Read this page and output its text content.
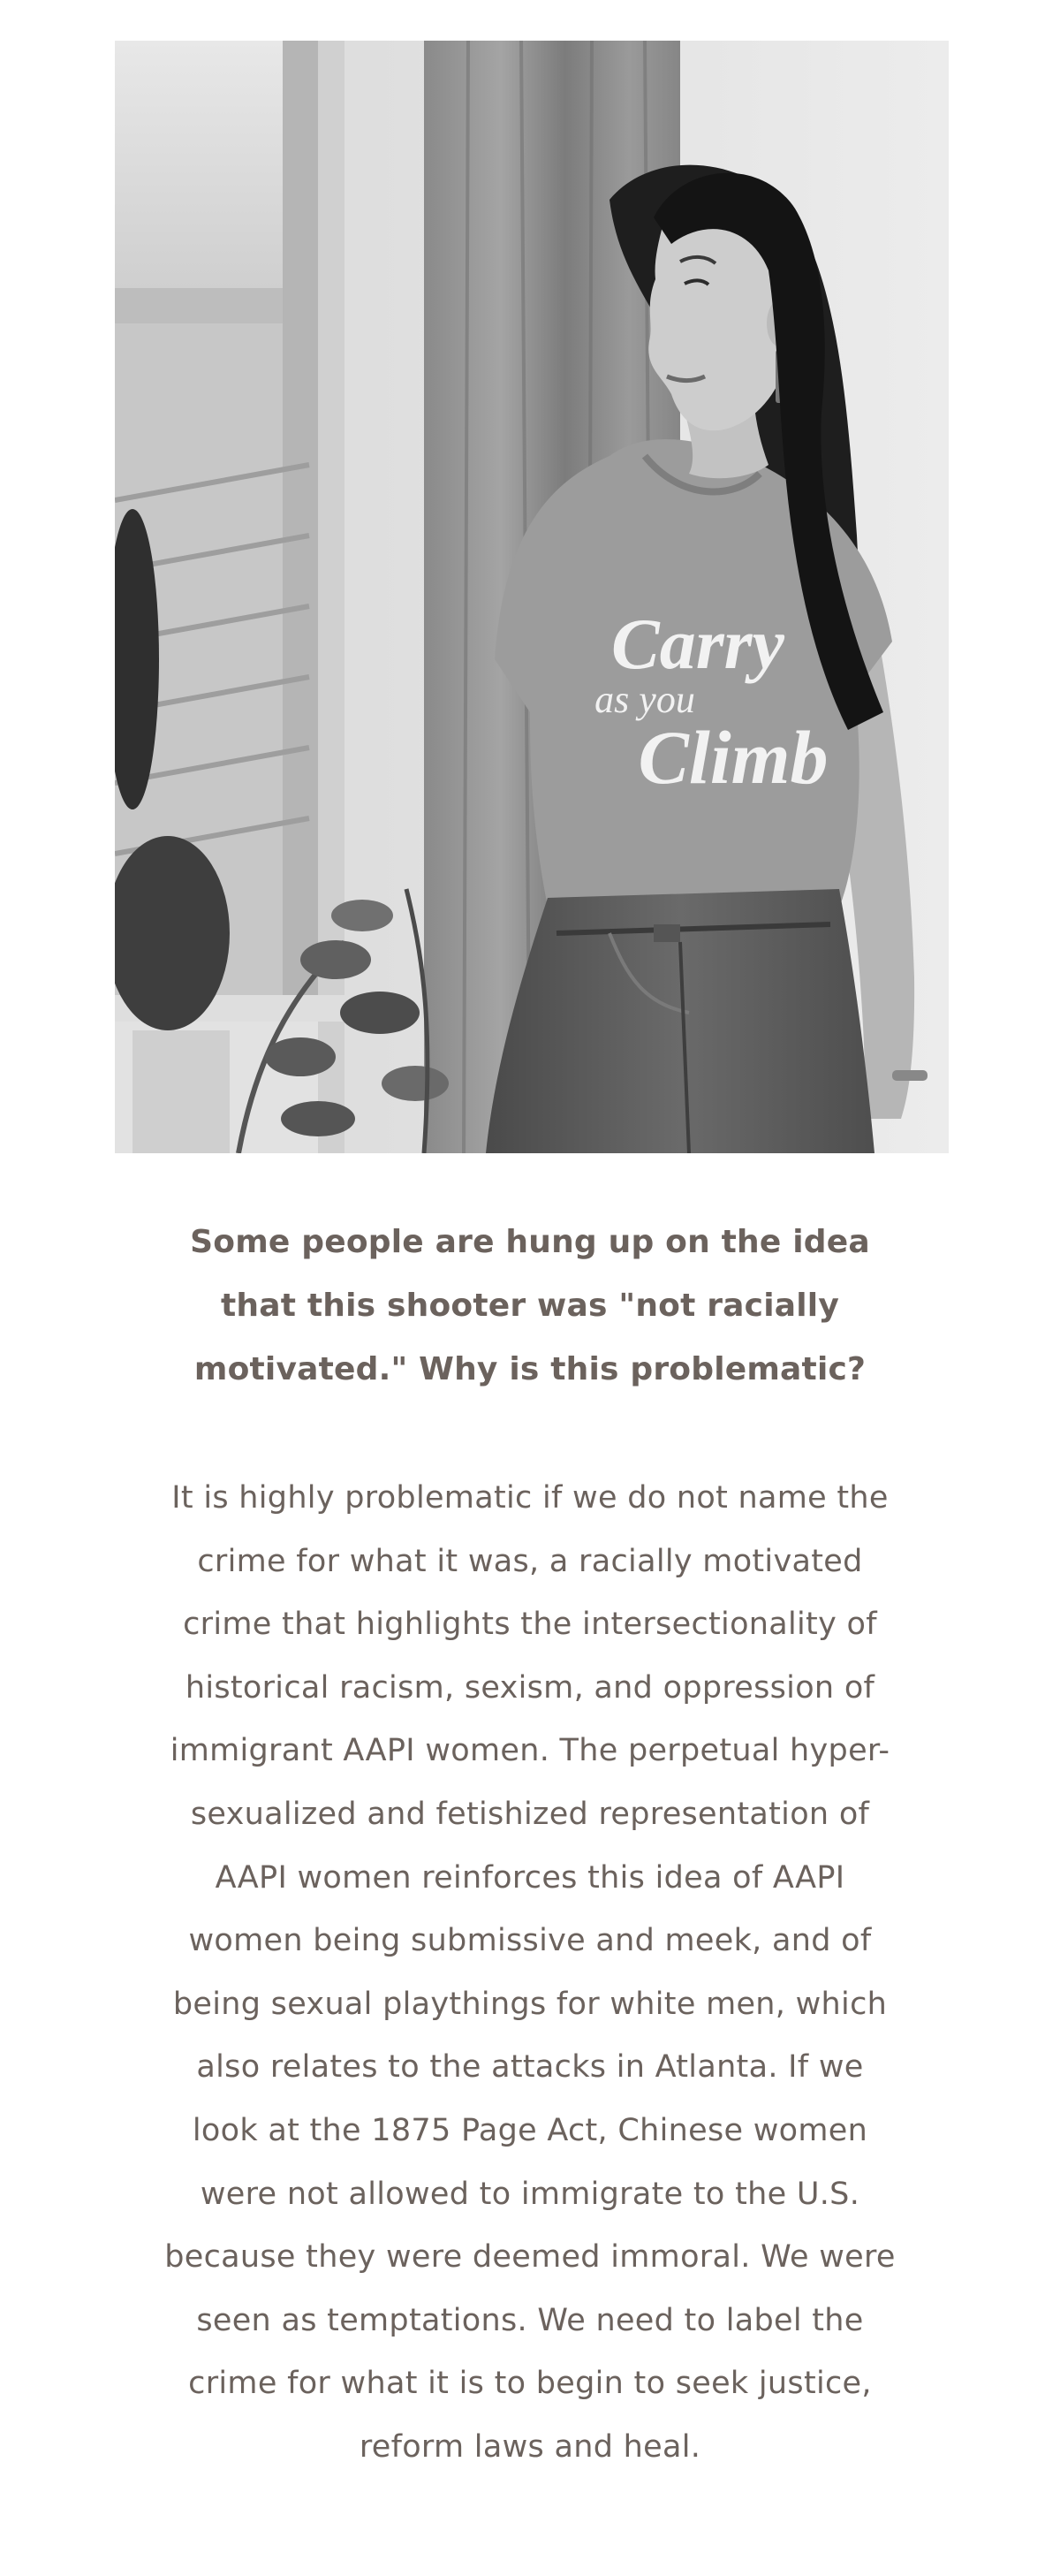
Carry
as you
Climb

Some people are hung up on the idea that this shooter was "not racially motivated." Why is this problematic?

It is highly problematic if we do not name the crime for what it was, a racially motivated crime that highlights the intersectionality of historical racism, sexism, and oppression of immigrant AAPI women. The perpetual hyper-sexualized and fetishized representation of AAPI women reinforces this idea of AAPI women being submissive and meek, and of being sexual playthings for white men, which also relates to the attacks in Atlanta. If we look at the 1875 Page Act, Chinese women were not allowed to immigrate to the U.S. because they were deemed immoral. We were seen as temptations. We need to label the crime for what it is to begin to seek justice, reform laws and heal.
